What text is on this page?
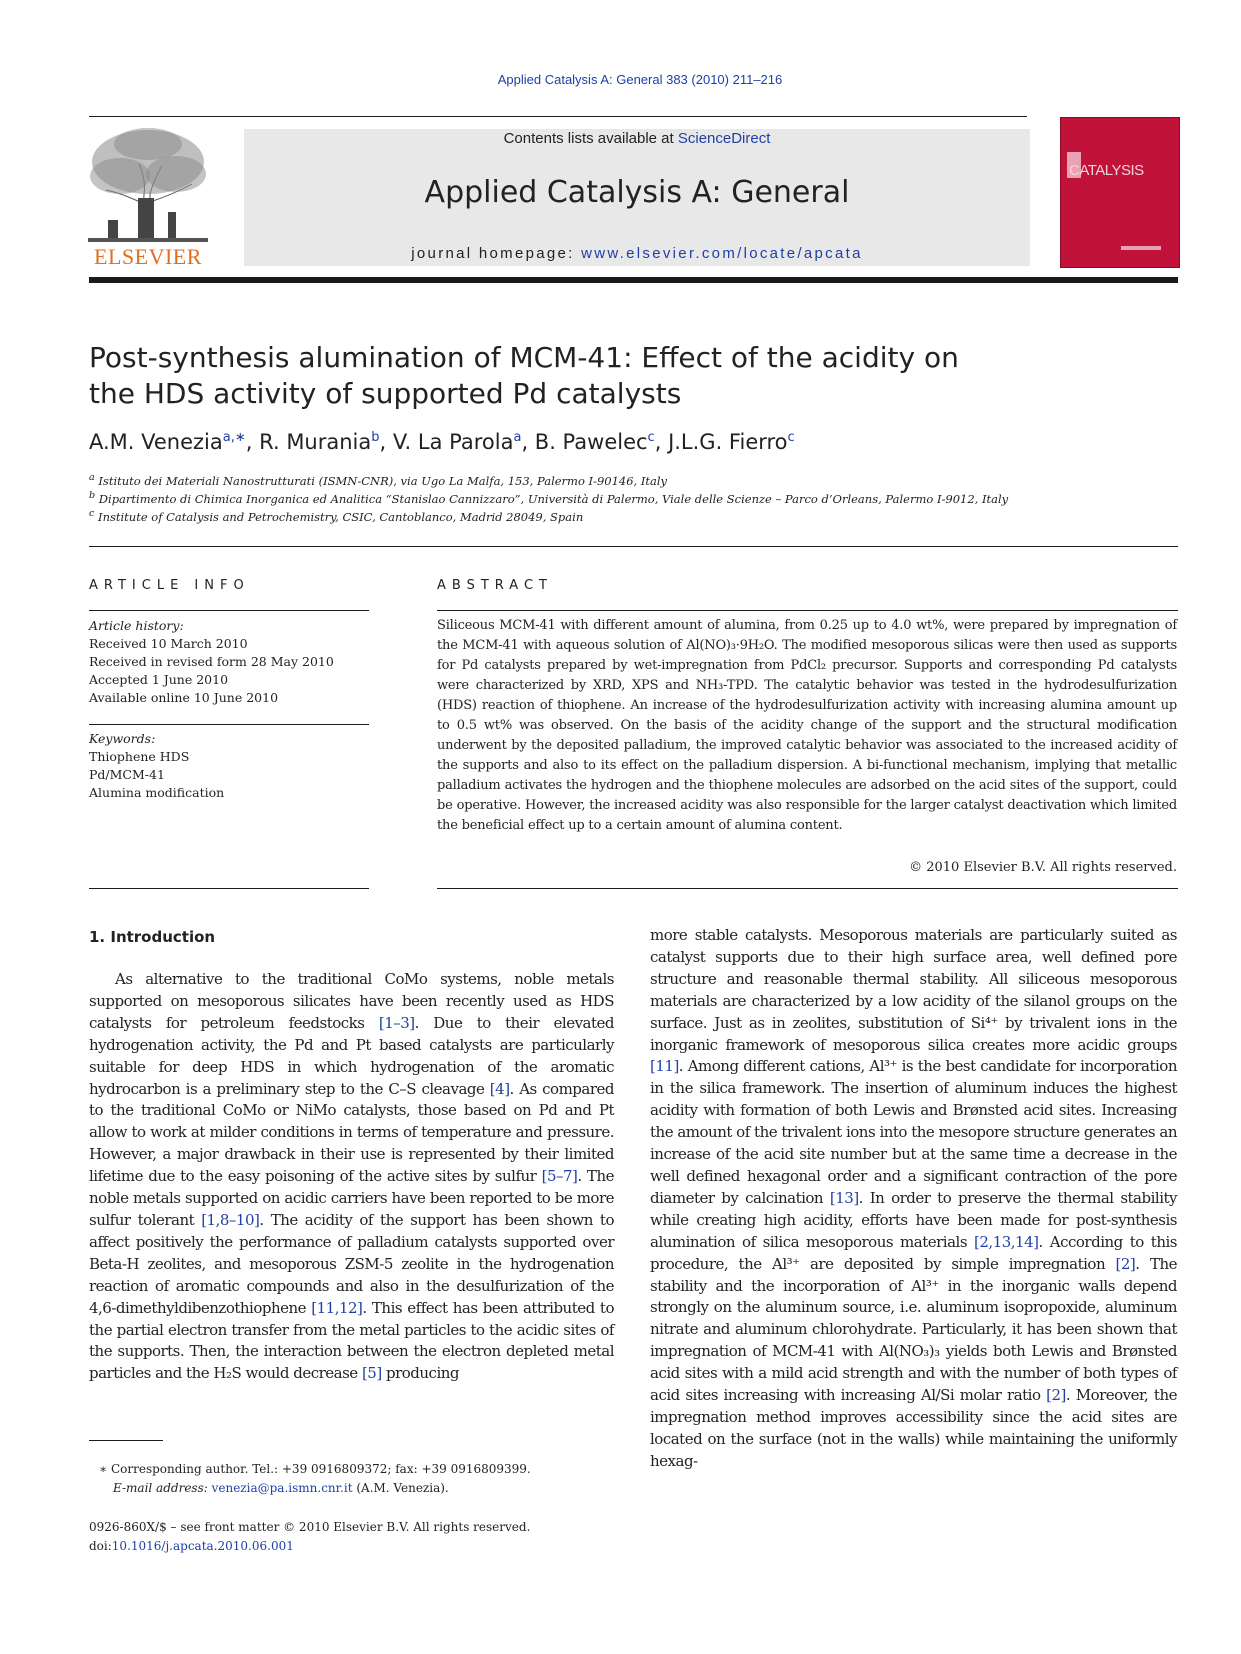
Applied Catalysis A: General 383 (2010) 211–216
ELSEVIER
Contents lists available at ScienceDirect
Applied Catalysis A: General
journal homepage: www.elsevier.com/locate/apcata
CATALYSIS
Post-synthesis alumination of MCM-41: Effect of the acidity on
the HDS activity of supported Pd catalysts
A.M. Venezia$^{a,∗}$, R. Murania$^b$, V. La Parola$^a$, B. Pawelec$^c$, J.L.G. Fierro$^c$
$^a$ Istituto dei Materiali Nanostrutturati (ISMN-CNR), via Ugo La Malfa, 153, Palermo I-90146, Italy
$^b$ Dipartimento di Chimica Inorganica ed Analitica “Stanislao Cannizzaro”, Università di Palermo, Viale delle Scienze – Parco d’Orleans, Palermo I-9012, Italy
$^c$ Institute of Catalysis and Petrochemistry, CSIC, Cantoblanco, Madrid 28049, Spain
ARTICLE INFO
Article history:
Received 10 March 2010
Received in revised form 28 May 2010
Accepted 1 June 2010
Available online 10 June 2010
Keywords:
Thiophene HDS
Pd/MCM-41
Alumina modification
ABSTRACT
Siliceous MCM-41 with different amount of alumina, from 0.25 up to 4.0 wt%, were prepared by impregnation of the MCM-41 with aqueous solution of Al(NO)₃·9H₂O. The modified mesoporous silicas were then used as supports for Pd catalysts prepared by wet-impregnation from PdCl₂ precursor. Supports and corresponding Pd catalysts were characterized by XRD, XPS and NH₃-TPD. The catalytic behavior was tested in the hydrodesulfurization (HDS) reaction of thiophene. An increase of the hydrodesulfurization activity with increasing alumina amount up to 0.5 wt% was observed. On the basis of the acidity change of the support and the structural modification underwent by the deposited palladium, the improved catalytic behavior was associated to the increased acidity of the supports and also to its effect on the palladium dispersion. A bi-functional mechanism, implying that metallic palladium activates the hydrogen and the thiophene molecules are adsorbed on the acid sites of the support, could be operative. However, the increased acidity was also responsible for the larger catalyst deactivation which limited the beneficial effect up to a certain amount of alumina content.
© 2010 Elsevier B.V. All rights reserved.
1. Introduction
As alternative to the traditional CoMo systems, noble metals supported on mesoporous silicates have been recently used as HDS catalysts for petroleum feedstocks [1–3]. Due to their elevated hydrogenation activity, the Pd and Pt based catalysts are particularly suitable for deep HDS in which hydrogenation of the aromatic hydrocarbon is a preliminary step to the C–S cleavage [4]. As compared to the traditional CoMo or NiMo catalysts, those based on Pd and Pt allow to work at milder conditions in terms of temperature and pressure. However, a major drawback in their use is represented by their limited lifetime due to the easy poisoning of the active sites by sulfur [5–7]. The noble metals supported on acidic carriers have been reported to be more sulfur tolerant [1,8–10]. The acidity of the support has been shown to affect positively the performance of palladium catalysts supported over Beta-H zeolites, and mesoporous ZSM-5 zeolite in the hydrogenation reaction of aromatic compounds and also in the desulfurization of the 4,6-dimethyldibenzothiophene [11,12]. This effect has been attributed to the partial electron transfer from the metal particles to the acidic sites of the supports. Then, the interaction between the electron depleted metal particles and the H₂S would decrease [5] producing
more stable catalysts. Mesoporous materials are particularly suited as catalyst supports due to their high surface area, well defined pore structure and reasonable thermal stability. All siliceous mesoporous materials are characterized by a low acidity of the silanol groups on the surface. Just as in zeolites, substitution of Si⁴⁺ by trivalent ions in the inorganic framework of mesoporous silica creates more acidic groups [11]. Among different cations, Al³⁺ is the best candidate for incorporation in the silica framework. The insertion of aluminum induces the highest acidity with formation of both Lewis and Brønsted acid sites. Increasing the amount of the trivalent ions into the mesopore structure generates an increase of the acid site number but at the same time a decrease in the well defined hexagonal order and a significant contraction of the pore diameter by calcination [13]. In order to preserve the thermal stability while creating high acidity, efforts have been made for post-synthesis alumination of silica mesoporous materials [2,13,14]. According to this procedure, the Al³⁺ are deposited by simple impregnation [2]. The stability and the incorporation of Al³⁺ in the inorganic walls depend strongly on the aluminum source, i.e. aluminum isopropoxide, aluminum nitrate and aluminum chlorohydrate. Particularly, it has been shown that impregnation of MCM-41 with Al(NO₃)₃ yields both Lewis and Brønsted acid sites with a mild acid strength and with the number of both types of acid sites increasing with increasing Al/Si molar ratio [2]. Moreover, the impregnation method improves accessibility since the acid sites are located on the surface (not in the walls) while maintaining the uniformly hexag-
∗ Corresponding author. Tel.: +39 0916809372; fax: +39 0916809399.
E-mail address: venezia@pa.ismn.cnr.it (A.M. Venezia).
0926-860X/$ – see front matter © 2010 Elsevier B.V. All rights reserved.
doi:10.1016/j.apcata.2010.06.001
